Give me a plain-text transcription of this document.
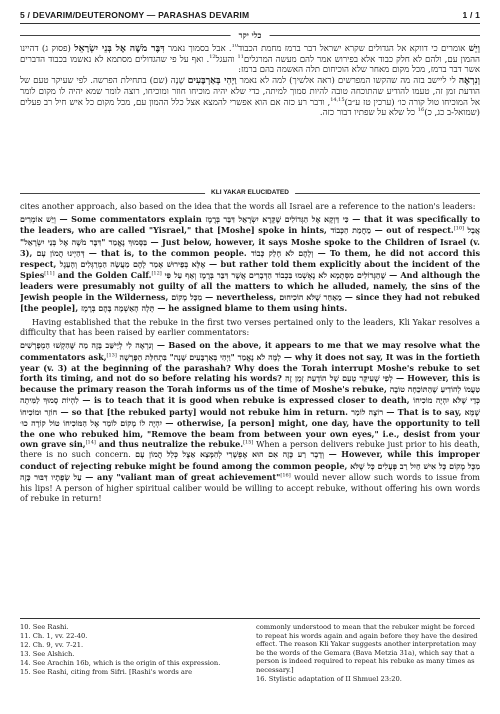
5 / DEVARIM/DEUTERONOMY — PARASHAS DEVARIM	1 / 1
כלי יקר

וְיֵשׁ אומרים כי דווקא אל הגדולים שקרא ישראל דבר ברמז מחמת הכבוד$^{10}$. אבל בסמוך נאמר דִּבֶּר מֹשֶׁה אֶל בְּנֵי יִשְׂרָאֵל (פסוק ג) דהיינו ההמון עם, ולהם לא חלק כבוד אלא בפירוש אמר להם מעשה המרגלים$^{11}$ והעגל$^{12}$. ואף על פי שהגדולים מסתמא לא נאשמו בכבוד הדברים אשר דבר ברמז, מכל מקום מאחר שלא הוכיחום תלה האשמה בהם ברמז:

וְנִרְאֶה לי ליישב בזה מה שהקשו המפרשים (ראה אלשיך) למה לא נאמר וַיְהִי בְּאַרְבָּעִים שָׁנָה (שם) בתחילת הפרשה. לפי שעיקר טעם של הודעת זמן זה, טעמו להודיע שהתוכחה טובה להיות סמוך למיתה, כדי שלא יהיה מוכיחו חוזר ומוכיחו, רוצה לומר שמא יהיה לו מקום לומר אל המוכיחו טול קורה כו׳ (ערכין טז ע״ב)$^{14,15}$, ודבר רע כזה אם הוא אפשרי להמצא אצל כלל ההמון עם, מכל מקום כל איש חיל רב פעלים (שמואל-ב כג, כ)$^{16}$ כל שלא על שפתיו דבור כזה.

KLI YAKAR ELUCIDATED

cites another approach, also based on the idea that the words all Israel are a reference to the nation's leaders:

וְיֵשׁ אוֹמְרִים — Some commentators explain כִּי דַּוְקָא אֶל הַגְּדוֹלִים שֶׁקָּרָא יִשְׂרָאֵל דִּבֵּר בְּרֶמֶז — that it was specifically to the leaders, who are called "Yisrael," that [Moshe] spoke in hints, מֵחֲמַת הַכָּבוֹד — out of respect.[10] אֲבָל בַּסָּמוּךְ נֶאֱמַר "דִּבֶּר מֹשֶׁה אֶל בְּנֵי יִשְׂרָאֵל" — Just below, however, it says Moshe spoke to the Children of Israel (v. 3), דְּהַיְינוּ הֲמוֹן עָם — that is, to the common people. וְלָהֶם לֹא חָלַק כָּבוֹד — To them, he did not accord this respect, אֶלָּא בְּפֵירוּשׁ אָמַר לָהֶם מַעֲשֵׂה הַמְרַגְּלִים וְהָעֵגֶל — but rather told them explicitly about the incident of the Spies[11] and the Golden Calf.[12] וְאַף עַל פִּי שֶׁהַגְּדוֹלִים מִסְּתָמָא לֹא נֶאְשְׁמוּ בִּכְבוֹד הַדְּבָרִים אֲשֶׁר דִּבֵּר בְּרֶמֶז — And although the leaders were presumably not guilty of all the matters to which he alluded, namely, the sins of the Jewish people in the Wilderness, מִכָּל מָקוֹם — nevertheless, מֵאַחַר שֶׁלֹּא הוֹכִיחוּם — since they had not rebuked [the people], תָּלָה הָאַשְׁמָה בָּהֶם בְּרֶמֶז — he assigned blame to them using hints.

Having established that the rebuke in the first two verses pertained only to the leaders, Kli Yakar resolves a difficulty that has been raised by earlier commentators:

וְנִרְאֶה לִי לְיַישֵּׁב בָּזֶה מַה שֶּׁהִקְשׁוּ הַמְפָרְשִׁים — Based on the above, it appears to me that we may resolve what the commentators ask,[13] לָמָּה לֹא נֶאֱמַר "וַיְהִי בְּאַרְבָּעִים שָׁנָה" בִּתְחִלַּת הַפָּרָשָׁה — why it does not say, It was in the fortieth year (v. 3) at the beginning of the parashah? Why does the Torah interrupt Moshe's rebuke to set forth its timing, and not do so before relating his words? לְפִי שֶׁעִיקַּר טַעַם שֶׁל הוֹדָעַת זְמַן זֶה — However, this is because the primary reason the Torah informs us of the time of Moshe's rebuke, טַעֲמוֹ לְהוֹדִיעַ שֶׁהַתּוֹכֵחָה טוֹבָה לִהְיוֹת סָמוּךְ לַמִּיתָה — is to teach that it is good when rebuke is expressed closer to death, כְּדֵי שֶׁלֹּא יִהְיֶה מוֹכִיחוֹ חוֹזֵר וּמוֹכִיחוֹ — so that [the rebuked party] would not rebuke him in return. רוֹצֶה לוֹמַר — That is to say, שֶׁמָּא יִהְיֶה לוֹ מָקוֹם לוֹמַר אֶל הַמּוֹכִיחוֹ טוֹל קוֹרָה כוּ׳ — otherwise, [a person] might, one day, have the opportunity to tell the one who rebuked him, "Remove the beam from between your own eyes," i.e., desist from your own grave sin,[14] and thus neutralize the rebuke.[15] When a person delivers rebuke just prior to his death, there is no such concern. וְדָבָר רַע כָּזֶה אִם הוּא אֶפְשָׁרִי לְהִמָּצֵא אֵצֶל כְּלַל הֲמוֹן עָם — However, while this improper conduct of rejecting rebuke might be found among the common people, מִכָּל מָקוֹם כָּל אִישׁ חַיִל רַב פְּעָלִים כָּל שֶׁלֹּא עַל שְׂפָתָיו דִּבּוּר כָּזֶה — any "valiant man of great achievement"[16] would never allow such words to issue from his lips! A person of higher spiritual caliber would be willing to accept rebuke, without offering his own words of rebuke in return!

10. See Rashi.
11. Ch. 1, vv. 22-40.
12. Ch. 9, vv. 7-21.
13. See Alshich.
14. See Arachin 16b, which is the origin of this expression.
15. See Rashi, citing from Sifri. [Rashi's words are
commonly understood to mean that the rebuker might be forced to repeat his words again and again before they have the desired effect. The reason Kli Yakar suggests another interpretation may be the words of the Gemara (Bava Metzia 31a), which say that a person is indeed required to repeat his rebuke as many times as necessary.]
16. Stylistic adaptation of II Shmuel 23:20.
